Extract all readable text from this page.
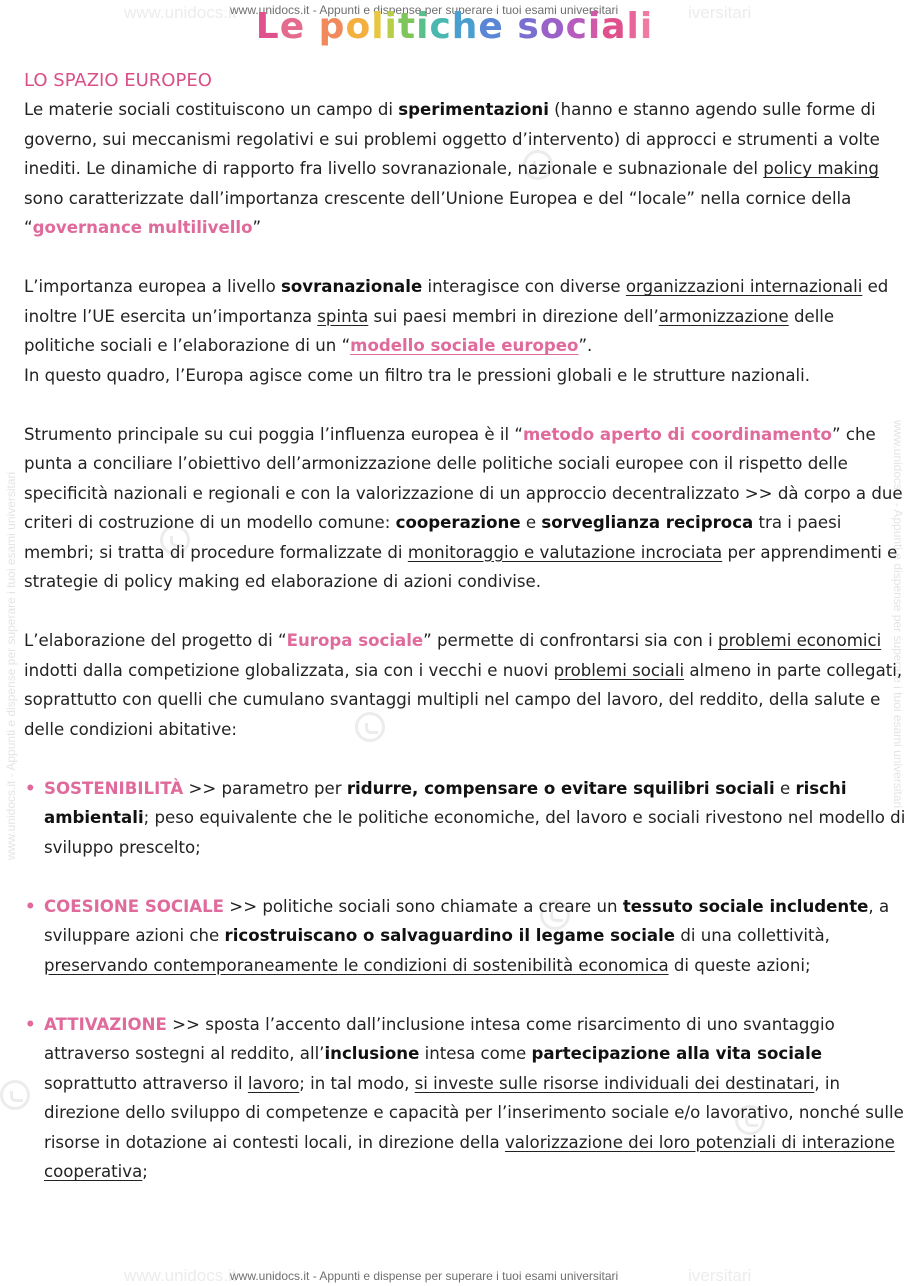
www.unidocs.it	iversitari
www.unidocs.it - Appunti e dispense per superare i tuoi esami universitari
www.unidocs.it	iversitari
www.unidocs.it - Appunti e dispense per superare i tuoi esami universitari
www.unidocs.it - Appunti e dispense per superare i tuoi esami universitari	www.unidocs.it - Appunti e dispense per superare i tuoi esami universitari
Le politiche sociali
LO SPAZIO EUROPEO

Le materie sociali costituiscono un campo di sperimentazioni (hanno e stanno agendo sulle forme di governo, sui meccanismi regolativi e sui problemi oggetto d’intervento) di approcci e strumenti a volte inediti. Le dinamiche di rapporto fra livello sovranazionale, nazionale e subnazionale del policy making sono caratterizzate dall’importanza crescente dell’Unione Europea e del “locale” nella cornice della “governance multilivello”

L’importanza europea a livello sovranazionale interagisce con diverse organizzazioni internazionali ed inoltre l’UE esercita un’importanza spinta sui paesi membri in direzione dell’armonizzazione delle politiche sociali e l’elaborazione di un “modello sociale europeo”.
In questo quadro, l’Europa agisce come un filtro tra le pressioni globali e le strutture nazionali.

Strumento principale su cui poggia l’influenza europea è il “metodo aperto di coordinamento” che punta a conciliare l’obiettivo dell’armonizzazione delle politiche sociali europee con il rispetto delle specificità nazionali e regionali e con la valorizzazione di un approccio decentralizzato >> dà corpo a due criteri di costruzione di un modello comune: cooperazione e sorveglianza reciproca tra i paesi membri; si tratta di procedure formalizzate di monitoraggio e valutazione incrociata per apprendimenti e strategie di policy making ed elaborazione di azioni condivise.

L’elaborazione del progetto di “Europa sociale” permette di confrontarsi sia con i problemi economici indotti dalla competizione globalizzata, sia con i vecchi e nuovi problemi sociali almeno in parte collegati, soprattutto con quelli che cumulano svantaggi multipli nel campo del lavoro, del reddito, della salute e delle condizioni abitative:

• SOSTENIBILITÀ >> parametro per ridurre, compensare o evitare squilibri sociali e rischi ambientali; peso equivalente che le politiche economiche, del lavoro e sociali rivestono nel modello di sviluppo prescelto;
• COESIONE SOCIALE >> politiche sociali sono chiamate a creare un tessuto sociale includente, a sviluppare azioni che ricostruiscano o salvaguardino il legame sociale di una collettività, preservando contemporaneamente le condizioni di sostenibilità economica di queste azioni;
• ATTIVAZIONE >> sposta l’accento dall’inclusione intesa come risarcimento di uno svantaggio attraverso sostegni al reddito, all’inclusione intesa come partecipazione alla vita sociale soprattutto attraverso il lavoro; in tal modo, si investe sulle risorse individuali dei destinatari, in direzione dello sviluppo di competenze e capacità per l’inserimento sociale e/o lavorativo, nonché sulle risorse in dotazione ai contesti locali, in direzione della valorizzazione dei loro potenziali di interazione cooperativa;
